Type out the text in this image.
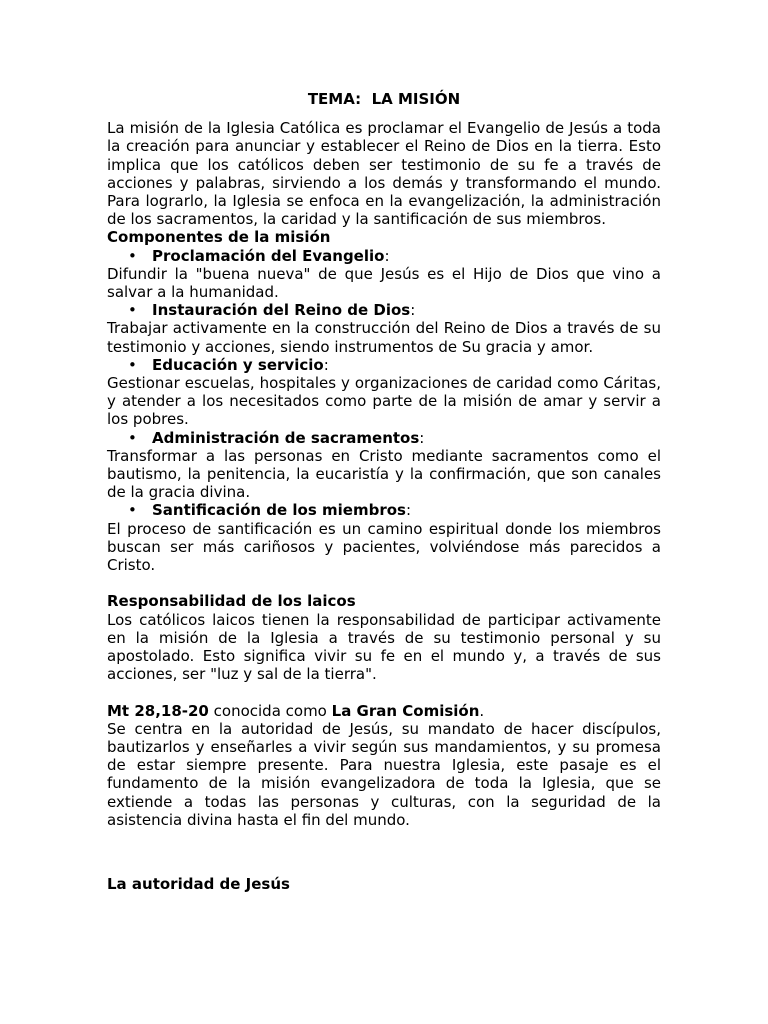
TEMA:  LA MISIÓN

La misión de la Iglesia Católica es proclamar el Evangelio de Jesús a toda la creación para anunciar y establecer el Reino de Dios en la tierra. Esto implica que los católicos deben ser testimonio de su fe a través de acciones y palabras, sirviendo a los demás y transformando el mundo. Para lograrlo, la Iglesia se enfoca en la evangelización, la administración de los sacramentos, la caridad y la santificación de sus miembros.

Componentes de la misión
• Proclamación del Evangelio:

Difundir la "buena nueva" de que Jesús es el Hijo de Dios que vino a salvar a la humanidad.

• Instauración del Reino de Dios:

Trabajar activamente en la construcción del Reino de Dios a través de su testimonio y acciones, siendo instrumentos de Su gracia y amor.

• Educación y servicio:

Gestionar escuelas, hospitales y organizaciones de caridad como Cáritas, y atender a los necesitados como parte de la misión de amar y servir a los pobres.

• Administración de sacramentos:

Transformar a las personas en Cristo mediante sacramentos como el bautismo, la penitencia, la eucaristía y la confirmación, que son canales de la gracia divina.

• Santificación de los miembros:

El proceso de santificación es un camino espiritual donde los miembros buscan ser más cariñosos y pacientes, volviéndose más parecidos a Cristo.

Responsabilidad de los laicos

Los católicos laicos tienen la responsabilidad de participar activamente en la misión de la Iglesia a través de su testimonio personal y su apostolado. Esto significa vivir su fe en el mundo y, a través de sus acciones, ser "luz y sal de la tierra".

Mt 28,18-20 conocida como La Gran Comisión.

Se centra en la autoridad de Jesús, su mandato de hacer discípulos, bautizarlos y enseñarles a vivir según sus mandamientos, y su promesa de estar siempre presente. Para nuestra Iglesia, este pasaje es el fundamento de la misión evangelizadora de toda la Iglesia, que se extiende a todas las personas y culturas, con la seguridad de la asistencia divina hasta el fin del mundo.

La autoridad de Jesús
